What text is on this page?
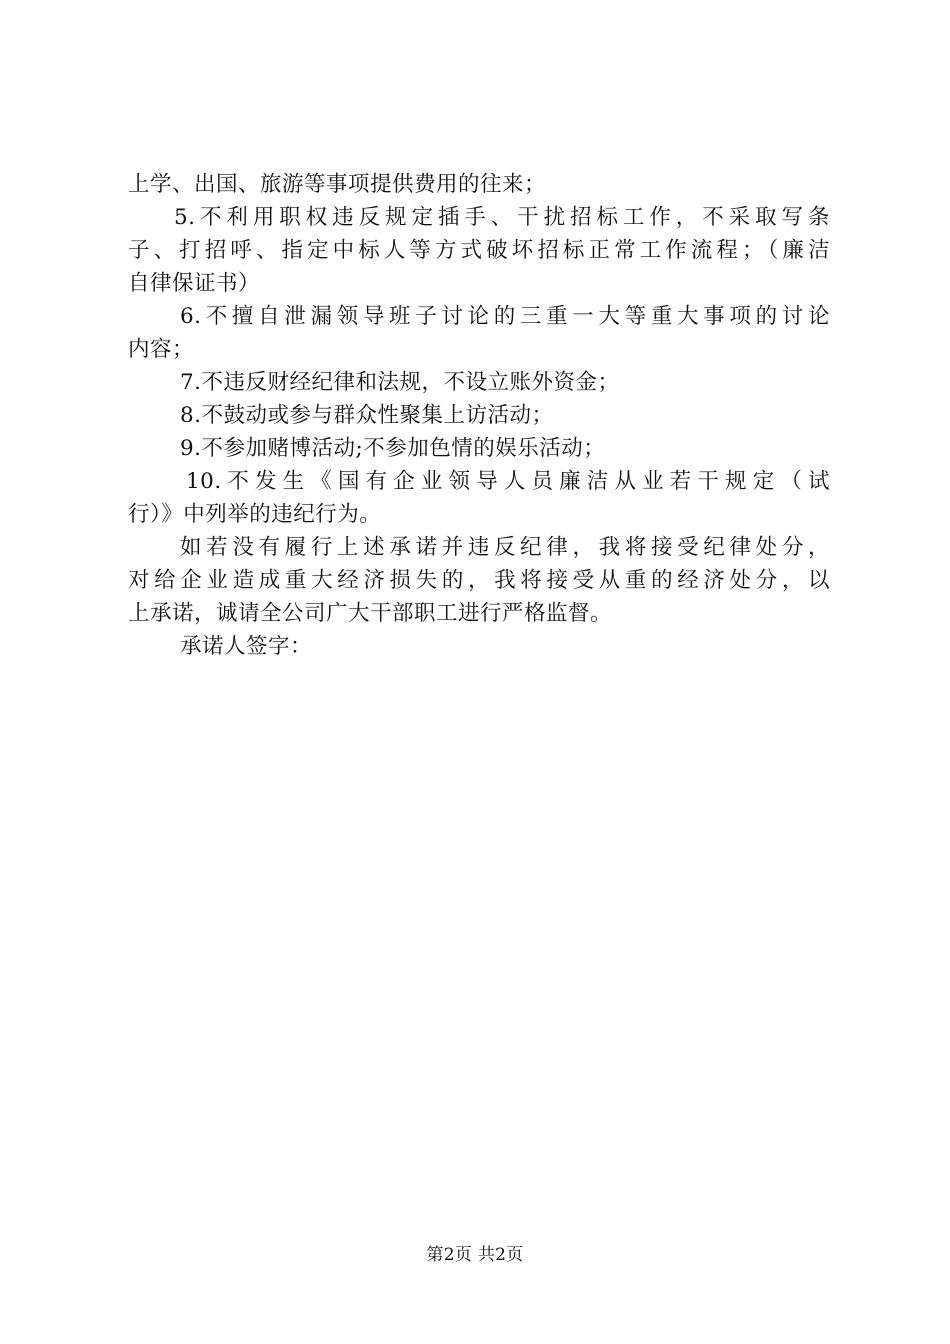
上学、出国、旅游等事项提供费用的往来；
5.不利用职权违反规定插手、干扰招标工作，不采取写条
子、打招呼、指定中标人等方式破坏招标正常工作流程；（廉洁
自律保证书）
6.不擅自泄漏领导班子讨论的三重一大等重大事项的讨论
内容；
7.不违反财经纪律和法规，不设立账外资金；
8.不鼓动或参与群众性聚集上访活动；
9.不参加赌博活动;不参加色情的娱乐活动；
10.不发生《国有企业领导人员廉洁从业若干规定（试
行）》中列举的违纪行为。
如若没有履行上述承诺并违反纪律，我将接受纪律处分，
对给企业造成重大经济损失的，我将接受从重的经济处分，以
上承诺，诚请全公司广大干部职工进行严格监督。
承诺人签字：
第2页 共2页
